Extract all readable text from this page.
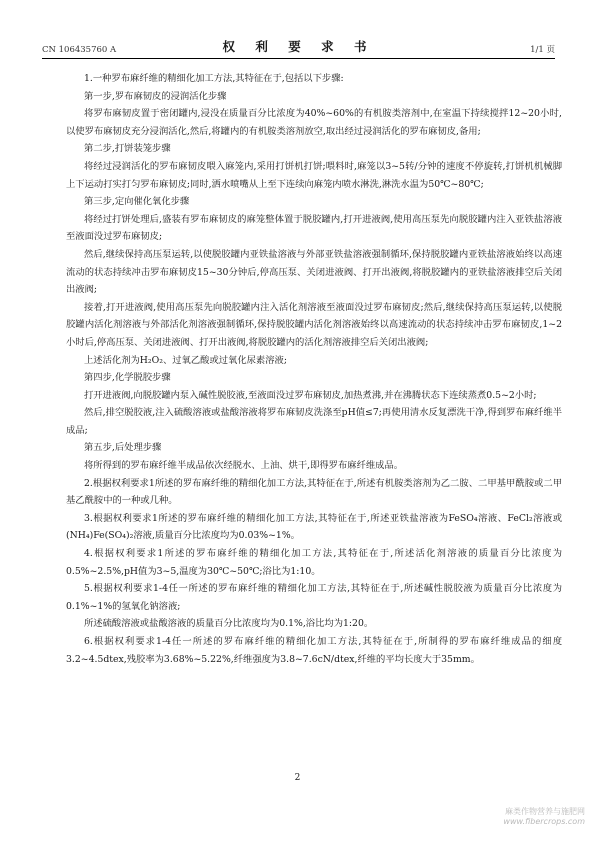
CN 106435760 A	权 利 要 求 书	1/1 页

1.一种罗布麻纤维的精细化加工方法,其特征在于,包括以下步骤:

第一步,罗布麻韧皮的浸润活化步骤

将罗布麻韧皮置于密闭罐内,浸没在质量百分比浓度为40%~60%的有机胺类溶剂中,在室温下持续搅拌12~20小时,以使罗布麻韧皮充分浸润活化,然后,将罐内的有机胺类溶剂放空,取出经过浸润活化的罗布麻韧皮,备用;

第二步,打饼装笼步骤

将经过浸润活化的罗布麻韧皮喂入麻笼内,采用打饼机打饼;喂料时,麻笼以3~5转/分钟的速度不停旋转,打饼机机械脚上下运动打实打匀罗布麻韧皮;同时,洒水喷嘴从上至下连续向麻笼内喷水淋洗,淋洗水温为50℃~80℃;

第三步,定向催化氧化步骤

将经过打饼处理后,盛装有罗布麻韧皮的麻笼整体置于脱胶罐内,打开进液阀,使用高压泵先向脱胶罐内注入亚铁盐溶液至液面没过罗布麻韧皮;

然后,继续保持高压泵运转,以使脱胶罐内亚铁盐溶液与外部亚铁盐溶液强制循环,保持脱胶罐内亚铁盐溶液始终以高速流动的状态持续冲击罗布麻韧皮15~30分钟后,停高压泵、关闭进液阀、打开出液阀,将脱胶罐内的亚铁盐溶液排空后关闭出液阀;

接着,打开进液阀,使用高压泵先向脱胶罐内注入活化剂溶液至液面没过罗布麻韧皮;然后,继续保持高压泵运转,以使脱胶罐内活化剂溶液与外部活化剂溶液强制循环,保持脱胶罐内活化剂溶液始终以高速流动的状态持续冲击罗布麻韧皮,1~2小时后,停高压泵、关闭进液阀、打开出液阀,将脱胶罐内的活化剂溶液排空后关闭出液阀;

上述活化剂为H₂O₂、过氧乙酸或过氧化尿素溶液;

第四步,化学脱胶步骤

打开进液阀,向脱胶罐内泵入碱性脱胶液,至液面没过罗布麻韧皮,加热煮沸,并在沸腾状态下连续蒸煮0.5~2小时;

然后,排空脱胶液,注入硫酸溶液或盐酸溶液将罗布麻韧皮洗涤至pH值≤7;再使用清水反复漂洗干净,得到罗布麻纤维半成品;

第五步,后处理步骤

将所得到的罗布麻纤维半成品依次经脱水、上油、烘干,即得罗布麻纤维成品。

2.根据权利要求1所述的罗布麻纤维的精细化加工方法,其特征在于,所述有机胺类溶剂为乙二胺、二甲基甲酰胺或二甲基乙酰胺中的一种或几种。

3.根据权利要求1所述的罗布麻纤维的精细化加工方法,其特征在于,所述亚铁盐溶液为FeSO₄溶液、FeCl₂溶液或(NH₄)Fe(SO₄)₂溶液,质量百分比浓度均为0.03%~1%。

4.根据权利要求1所述的罗布麻纤维的精细化加工方法,其特征在于,所述活化剂溶液的质量百分比浓度为0.5%~2.5%,pH值为3~5,温度为30℃~50℃;浴比为1:10。

5.根据权利要求1-4任一所述的罗布麻纤维的精细化加工方法,其特征在于,所述碱性脱胶液为质量百分比浓度为0.1%~1%的氢氧化钠溶液;

所述硫酸溶液或盐酸溶液的质量百分比浓度均为0.1%,浴比均为1:20。

6.根据权利要求1-4任一所述的罗布麻纤维的精细化加工方法,其特征在于,所制得的罗布麻纤维成品的细度3.2~4.5dtex,残胶率为3.68%~5.22%,纤维强度为3.8~7.6cN/dtex,纤维的平均长度大于35mm。

2
麻类作物营养与施肥网
www.fibercrops.com
